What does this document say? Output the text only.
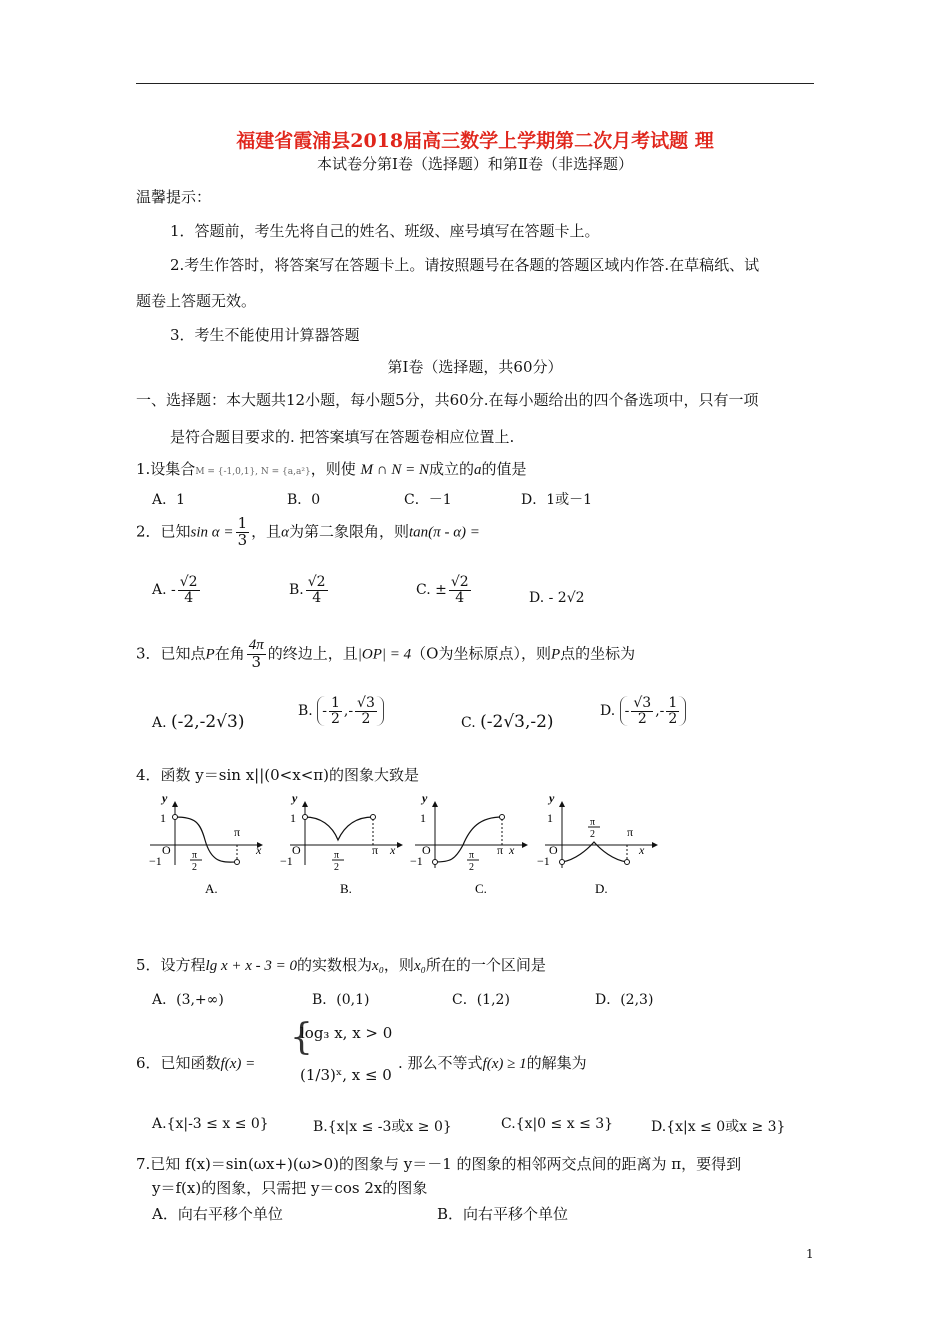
福建省霞浦县2018届高三数学上学期第二次月考试题 理
本试卷分第Ⅰ卷（选择题）和第Ⅱ卷（非选择题）
温馨提示：
1．答题前，考生先将自己的姓名、班级、座号填写在答题卡上。
2.考生作答时，将答案写在答题卡上。请按照题号在各题的答题区域内作答.在草稿纸、试
题卷上答题无效。
3．考生不能使用计算器答题
第Ⅰ卷（选择题，共60分）
一、选择题：本大题共12小题，每小题5分，共60分.在每小题给出的四个备选项中，只有一项
是符合题目要求的. 把答案填写在答题卷相应位置上.
1.设集合M = {-1,0,1}, N = {a,a²}，则使 M ∩ N = N成立的a的值是
A．1	B．0	C．－1	D．1或－1
2．已知$\sin \alpha = \frac{1}{3}$ ，且α为第二象限角，则tan(π - α) =
A. - $\frac{√2}{4}$	B. $\frac{√2}{4}$	C. ± $\frac{√2}{4}$	D. - 2√2
3．已知点P在角 $\frac{4\pi}{3}$ 的终边上，且|OP| = 4（O为坐标原点），则P点的坐标为
A. (-2,-2√3)
B. - $\frac{1}{2}$ ,- $\frac{√3}{2}$	C. (-2√3,-2)
D. - $\frac{√3}{2}$ ,- $\frac{1}{2}$
4．函数 y＝sin x||(0<x<π)的图象大致是
y
1
−1
O
π
x
π
2
A.
y
1
−1
O	π x
π
2
B.
y
1
−1
O	π x
π
2
C.
y
1
−1
O
π
x
π
2
D.
5．设方程lg x + x - 3 = 0的实数根为x₀，则x₀所在的一个区间是
A．(3,+∞)	B．(0,1)	C．(1,2)	D．(2,3)
6．已知函数f(x) =
{
log₃ x, x > 0
(1/3)ˣ, x ≤ 0
. 那么不等式f(x) ≥ 1的解集为
A.{x|-3 ≤ x ≤ 0}	B.{x|x ≤ -3或x ≥ 0}	C.{x|0 ≤ x ≤ 3}	D.{x|x ≤ 0或x ≥ 3}
7.已知 f(x)＝sin(ωx+)(ω>0)的图象与 y＝－1 的图象的相邻两交点间的距离为 π，要得到
y＝f(x)的图象，只需把 y＝cos 2x的图象
A．向右平移个单位	B．向右平移个单位
1
